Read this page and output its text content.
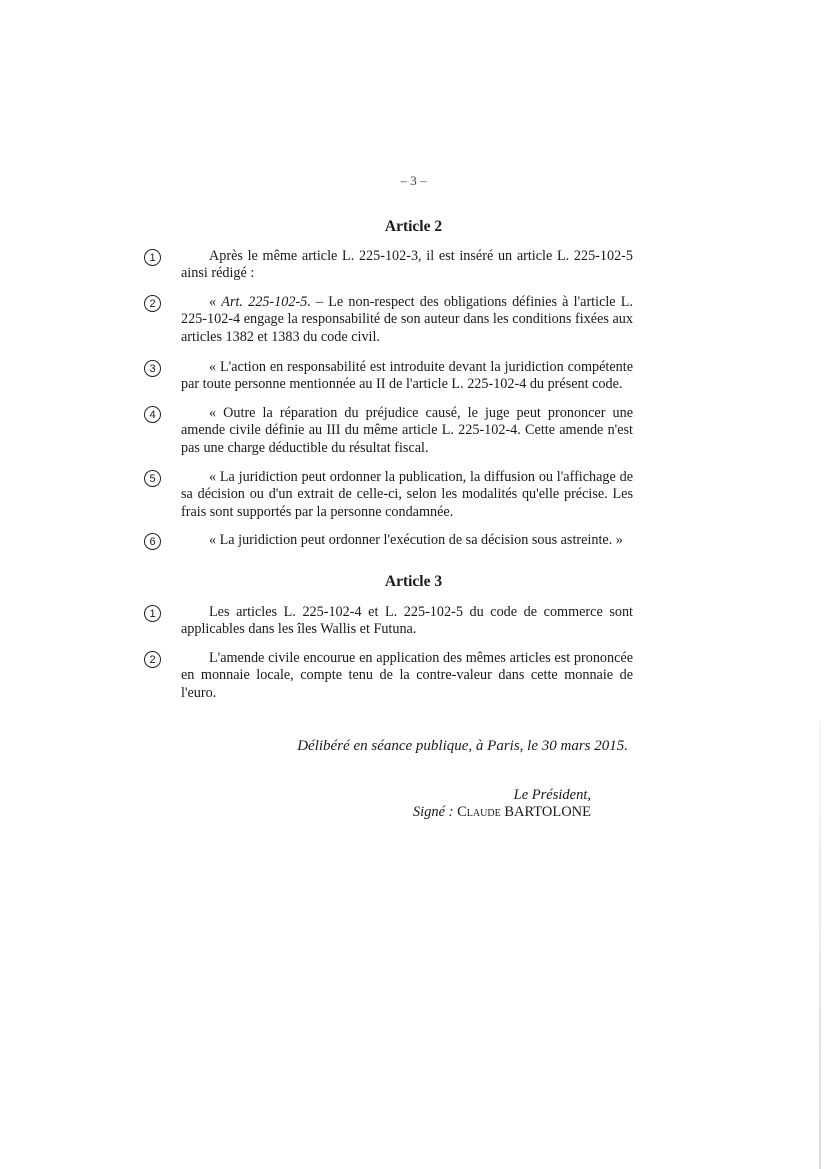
– 3 –
Article 2
1	Après le même article L. 225-102-3, il est inséré un article L. 225-102-5 ainsi rédigé :
2	« Art. 225-102-5. – Le non-respect des obligations définies à l'article L. 225-102-4 engage la responsabilité de son auteur dans les conditions fixées aux articles 1382 et 1383 du code civil.
3	« L'action en responsabilité est introduite devant la juridiction compétente par toute personne mentionnée au II de l'article L. 225-102-4 du présent code.
4	« Outre la réparation du préjudice causé, le juge peut prononcer une amende civile définie au III du même article L. 225-102-4. Cette amende n'est pas une charge déductible du résultat fiscal.
5	« La juridiction peut ordonner la publication, la diffusion ou l'affichage de sa décision ou d'un extrait de celle-ci, selon les modalités qu'elle précise. Les frais sont supportés par la personne condamnée.
6	« La juridiction peut ordonner l'exécution de sa décision sous astreinte. »
Article 3
1	Les articles L. 225-102-4 et L. 225-102-5 du code de commerce sont applicables dans les îles Wallis et Futuna.
2	L'amende civile encourue en application des mêmes articles est prononcée en monnaie locale, compte tenu de la contre-valeur dans cette monnaie de l'euro.
Délibéré en séance publique, à Paris, le 30 mars 2015.
Le Président,
Signé : Claude BARTOLONE
